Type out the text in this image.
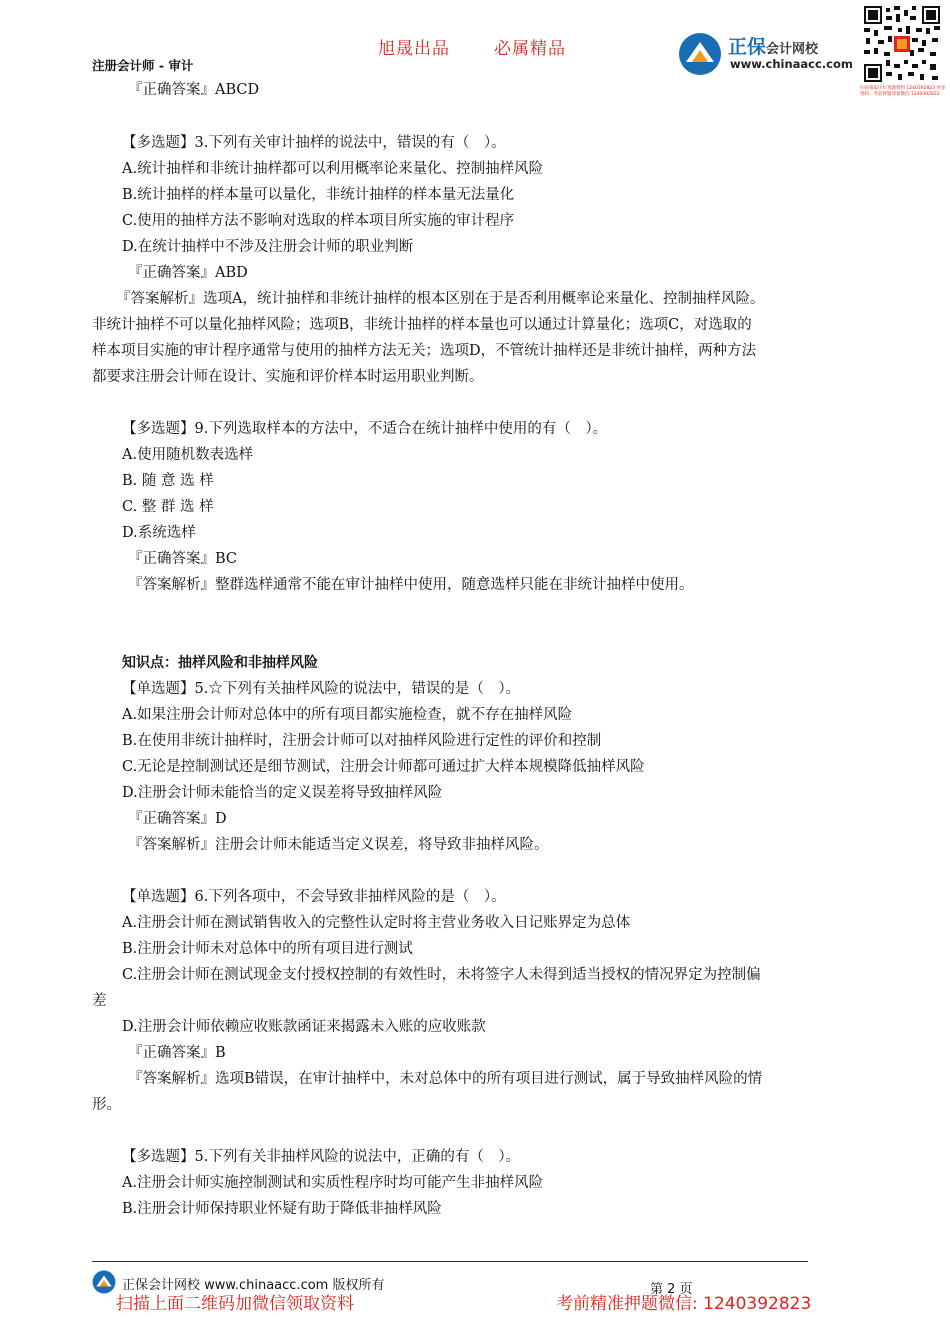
旭晟出品	必属精品
注册会计师 - 审计
正保会计网校
www.chinaacc.com
扫码领取历年真题资料 1240392823 更多资料、考前押题请加微信 1240392823
『正确答案』ABCD
【多选题】3.下列有关审计抽样的说法中，错误的有（　）。
A.统计抽样和非统计抽样都可以利用概率论来量化、控制抽样风险
B.统计抽样的样本量可以量化，非统计抽样的样本量无法量化
C.使用的抽样方法不影响对选取的样本项目所实施的审计程序
D.在统计抽样中不涉及注册会计师的职业判断
『正确答案』ABD
『答案解析』选项A，统计抽样和非统计抽样的根本区别在于是否利用概率论来量化、控制抽样风险。
非统计抽样不可以量化抽样风险；选项B，非统计抽样的样本量也可以通过计算量化；选项C，对选取的
样本项目实施的审计程序通常与使用的抽样方法无关；选项D，不管统计抽样还是非统计抽样，两种方法
都要求注册会计师在设计、实施和评价样本时运用职业判断。
【多选题】9.下列选取样本的方法中，不适合在统计抽样中使用的有（　）。
A.使用随机数表选样
B. 随 意 选 样
C. 整 群 选 样
D.系统选样
『正确答案』BC
『答案解析』整群选样通常不能在审计抽样中使用，随意选样只能在非统计抽样中使用。
知识点：抽样风险和非抽样风险
【单选题】5.☆下列有关抽样风险的说法中，错误的是（　）。
A.如果注册会计师对总体中的所有项目都实施检查，就不存在抽样风险
B.在使用非统计抽样时，注册会计师可以对抽样风险进行定性的评价和控制
C.无论是控制测试还是细节测试，注册会计师都可通过扩大样本规模降低抽样风险
D.注册会计师未能恰当的定义误差将导致抽样风险
『正确答案』D
『答案解析』注册会计师未能适当定义误差，将导致非抽样风险。
【单选题】6.下列各项中，不会导致非抽样风险的是（　）。
A.注册会计师在测试销售收入的完整性认定时将主营业务收入日记账界定为总体
B.注册会计师未对总体中的所有项目进行测试
C.注册会计师在测试现金支付授权控制的有效性时，未将签字人未得到适当授权的情况界定为控制偏
差
D.注册会计师依赖应收账款函证来揭露未入账的应收账款
『正确答案』B
『答案解析』选项B错误，在审计抽样中，未对总体中的所有项目进行测试，属于导致抽样风险的情
形。
【多选题】5.下列有关非抽样风险的说法中，正确的有（　）。
A.注册会计师实施控制测试和实质性程序时均可能产生非抽样风险
B.注册会计师保持职业怀疑有助于降低非抽样风险
正保会计网校 www.chinaacc.com 版权所有	第 2 页
扫描上面二维码加微信领取资料	考前精准押题微信: 1240392823
